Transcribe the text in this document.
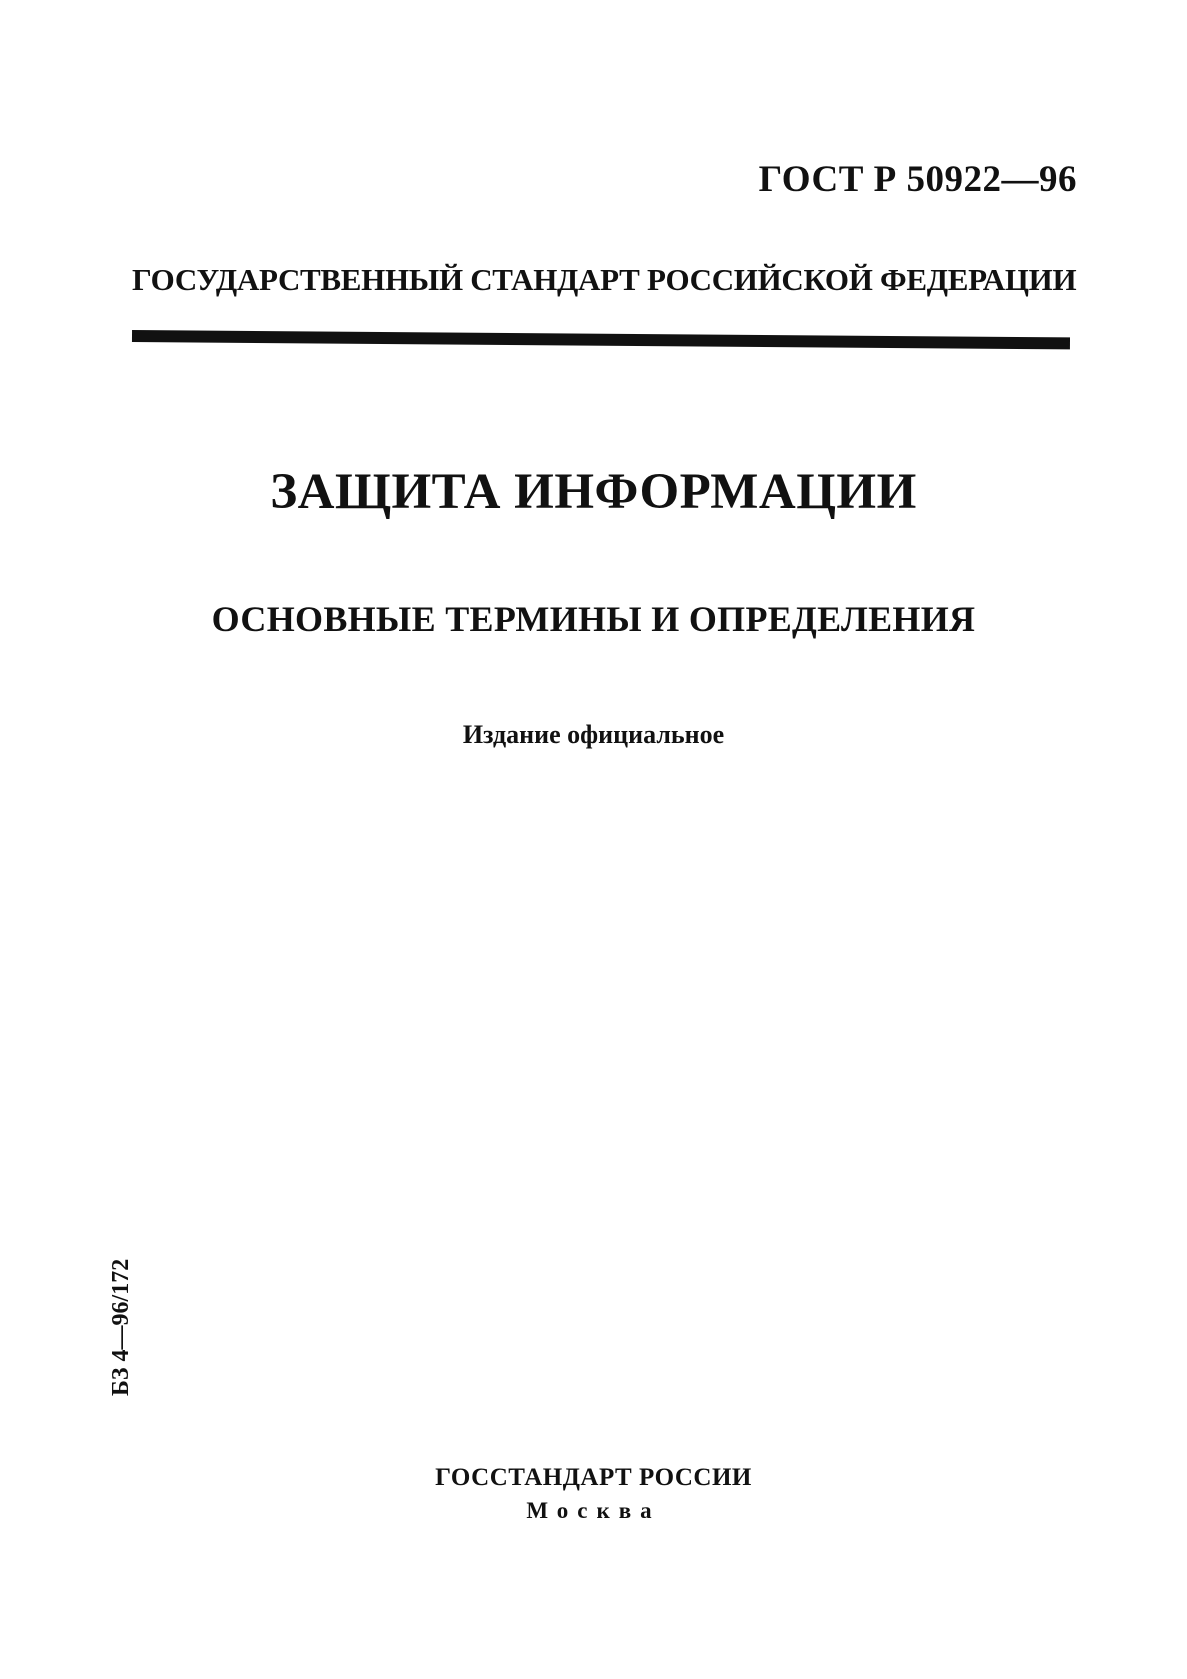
ГОСТ Р 50922—96
ГОСУДАРСТВЕННЫЙ СТАНДАРТ РОССИЙСКОЙ ФЕДЕРАЦИИ
ЗАЩИТА ИНФОРМАЦИИ
ОСНОВНЫЕ ТЕРМИНЫ И ОПРЕДЕЛЕНИЯ
Издание официальное
БЗ 4—96/172
ГОССТАНДАРТ РОССИИ
Москва
